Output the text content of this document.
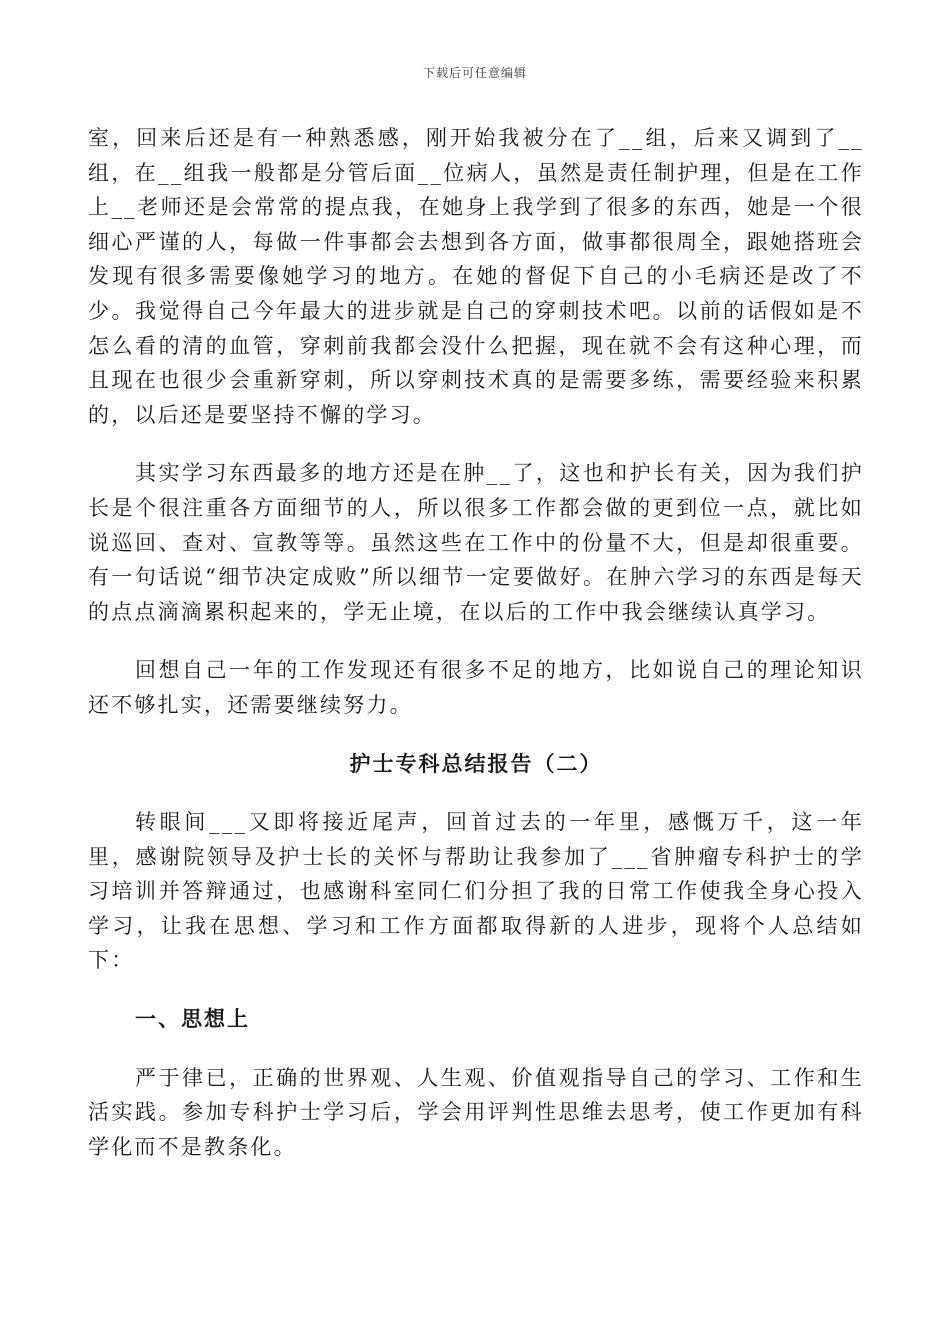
下载后可任意编辑

室，回来后还是有一种熟悉感，刚开始我被分在了__组，后来又调到了__组，在__组我一般都是分管后面__位病人，虽然是责任制护理，但是在工作上__老师还是会常常的提点我，在她身上我学到了很多的东西，她是一个很细心严谨的人，每做一件事都会去想到各方面，做事都很周全，跟她搭班会发现有很多需要像她学习的地方。在她的督促下自己的小毛病还是改了不少。我觉得自己今年最大的进步就是自己的穿刺技术吧。以前的话假如是不怎么看的清的血管，穿刺前我都会没什么把握，现在就不会有这种心理，而且现在也很少会重新穿刺，所以穿刺技术真的是需要多练，需要经验来积累的，以后还是要坚持不懈的学习。

其实学习东西最多的地方还是在肿__了，这也和护长有关，因为我们护长是个很注重各方面细节的人，所以很多工作都会做的更到位一点，就比如说巡回、查对、宣教等等。虽然这些在工作中的份量不大，但是却很重要。有一句话说“细节决定成败”所以细节一定要做好。在肿六学习的东西是每天的点点滴滴累积起来的，学无止境，在以后的工作中我会继续认真学习。

回想自己一年的工作发现还有很多不足的地方，比如说自己的理论知识还不够扎实，还需要继续努力。

护士专科总结报告（二）

转眼间___又即将接近尾声，回首过去的一年里，感慨万千，这一年里，感谢院领导及护士长的关怀与帮助让我参加了___省肿瘤专科护士的学习培训并答辩通过，也感谢科室同仁们分担了我的日常工作使我全身心投入学习，让我在思想、学习和工作方面都取得新的人进步，现将个人总结如下：

一、思想上

严于律已，正确的世界观、人生观、价值观指导自己的学习、工作和生活实践。参加专科护士学习后，学会用评判性思维去思考，使工作更加有科学化而不是教条化。
